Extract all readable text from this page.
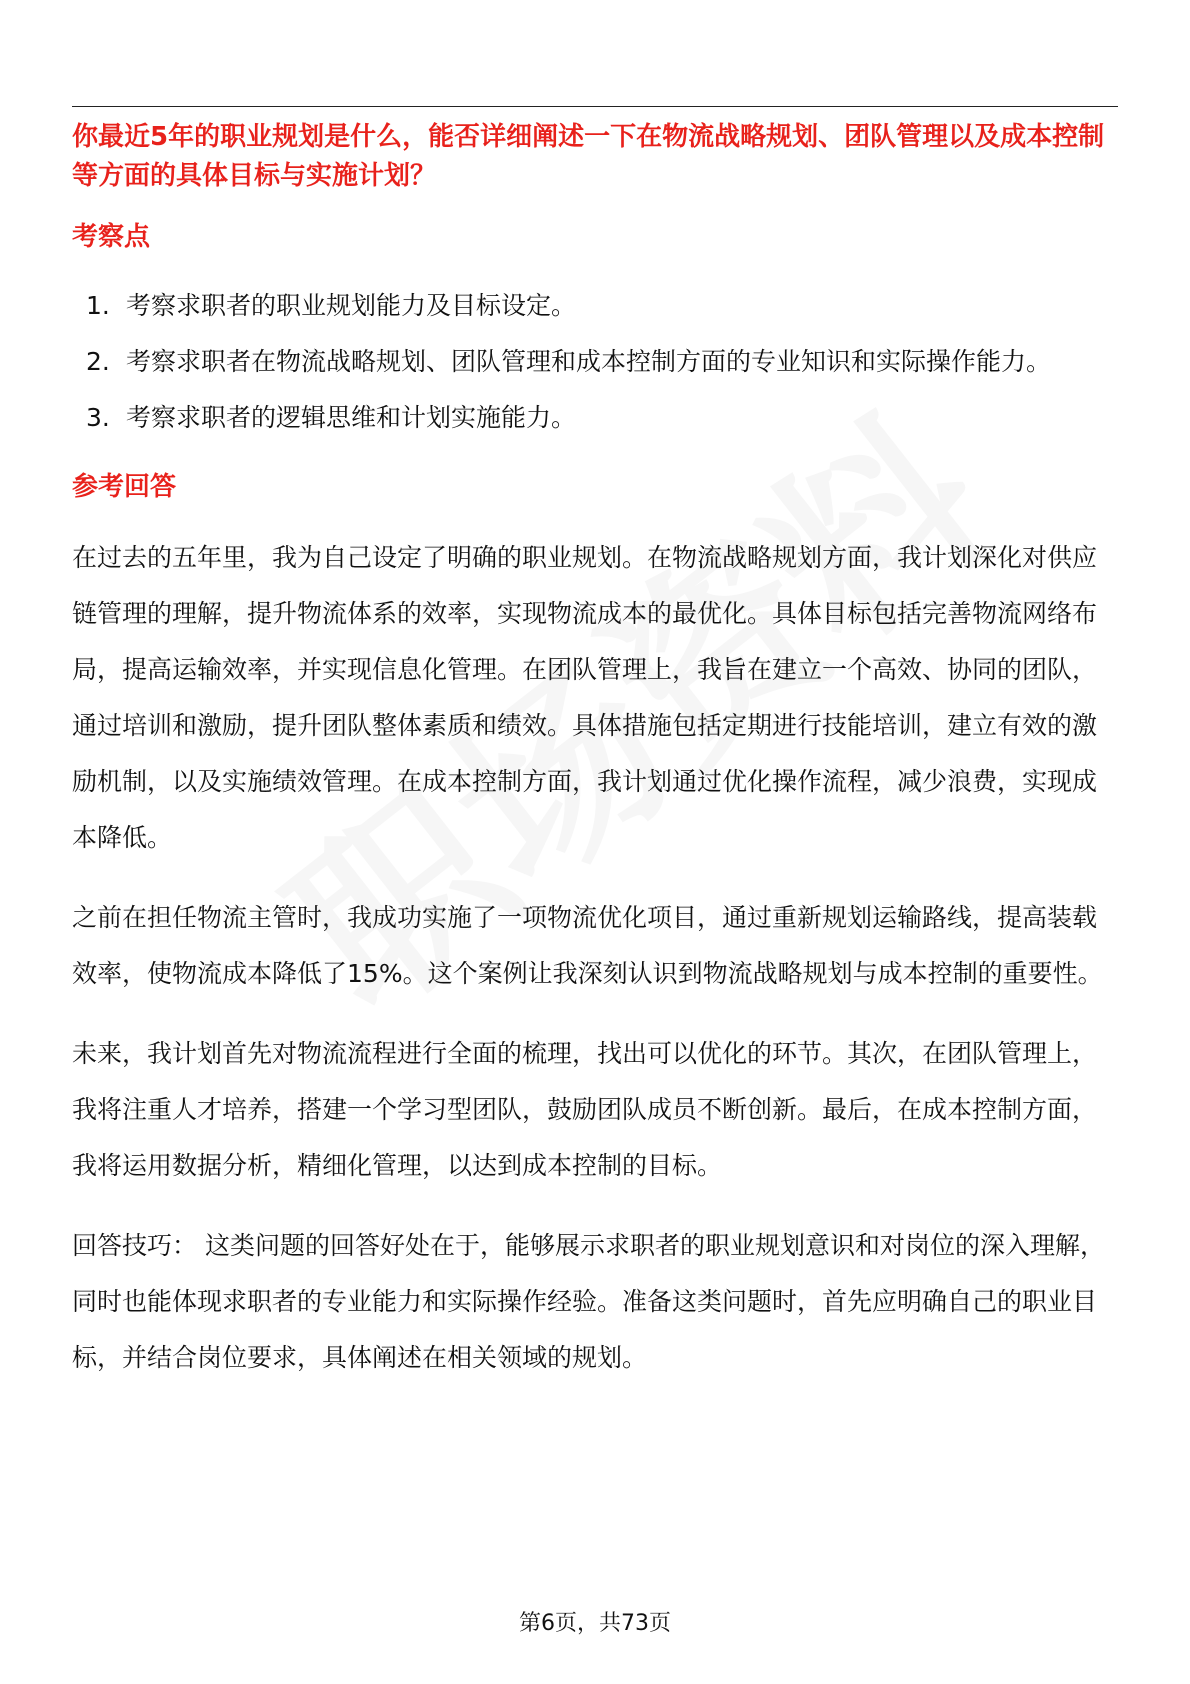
你最近5年的职业规划是什么，能否详细阐述一下在物流战略规划、团队管理以及成本控制等方面的具体目标与实施计划？

考察点

1. 考察求职者的职业规划能力及目标设定。
2. 考察求职者在物流战略规划、团队管理和成本控制方面的专业知识和实际操作能力。
3. 考察求职者的逻辑思维和计划实施能力。

参考回答

在过去的五年里，我为自己设定了明确的职业规划。在物流战略规划方面，我计划深化对供应链管理的理解，提升物流体系的效率，实现物流成本的最优化。具体目标包括完善物流网络布局，提高运输效率，并实现信息化管理。在团队管理上，我旨在建立一个高效、协同的团队，通过培训和激励，提升团队整体素质和绩效。具体措施包括定期进行技能培训，建立有效的激励机制，以及实施绩效管理。在成本控制方面，我计划通过优化操作流程，减少浪费，实现成本降低。

之前在担任物流主管时，我成功实施了一项物流优化项目，通过重新规划运输路线，提高装载效率，使物流成本降低了15%。这个案例让我深刻认识到物流战略规划与成本控制的重要性。

未来，我计划首先对物流流程进行全面的梳理，找出可以优化的环节。其次，在团队管理上，我将注重人才培养，搭建一个学习型团队，鼓励团队成员不断创新。最后，在成本控制方面，我将运用数据分析，精细化管理，以达到成本控制的目标。

回答技巧： 这类问题的回答好处在于，能够展示求职者的职业规划意识和对岗位的深入理解，同时也能体现求职者的专业能力和实际操作经验。准备这类问题时，首先应明确自己的职业目标，并结合岗位要求，具体阐述在相关领域的规划。

第6页，共73页
